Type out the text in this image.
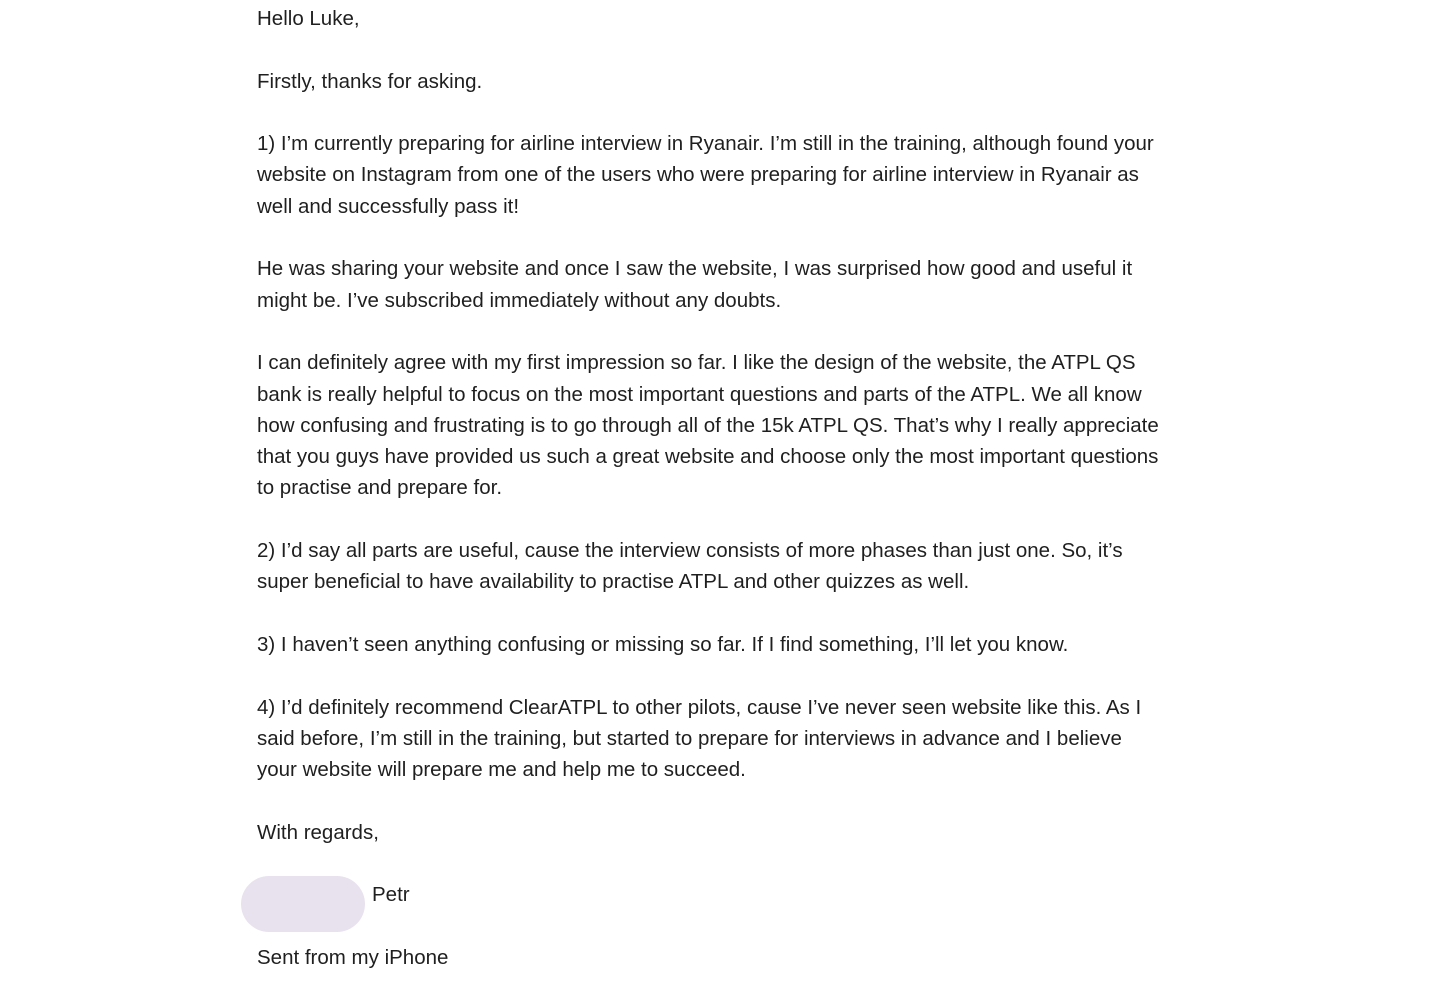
Hello Luke,

Firstly, thanks for asking.

1) I’m currently preparing for airline interview in Ryanair. I’m still in the training, although found your website on Instagram from one of the users who were preparing for airline interview in Ryanair as well and successfully pass it!

He was sharing your website and once I saw the website, I was surprised how good and useful it might be. I’ve subscribed immediately without any doubts.

I can definitely agree with my first impression so far. I like the design of the website, the ATPL QS bank is really helpful to focus on the most important questions and parts of the ATPL. We all know how confusing and frustrating is to go through all of the 15k ATPL QS. That’s why I really appreciate that you guys have provided us such a great website and choose only the most important questions to practise and prepare for.

2) I’d say all parts are useful, cause the interview consists of more phases than just one. So, it’s super beneficial to have availability to practise ATPL and other quizzes as well.

3) I haven’t seen anything confusing or missing so far. If I find something, I’ll let you know.

4) I’d definitely recommend ClearATPL to other pilots, cause I’ve never seen website like this. As I said before, I’m still in the training, but started to prepare for interviews in advance and I believe your website will prepare me and help me to succeed.

With regards,

Petr

Sent from my iPhone
